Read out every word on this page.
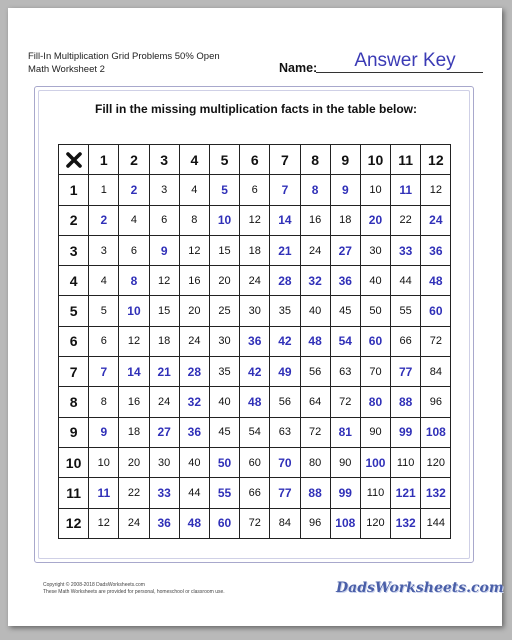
Fill-In Multiplication Grid Problems 50% Open
Math Worksheet 2	Name:	Answer Key
Fill in the missing multiplication facts in the table below:
	1	2	3	4	5	6	7	8	9	10	11	12
1	1	2	3	4	5	6	7	8	9	10	11	12
2	2	4	6	8	10	12	14	16	18	20	22	24
3	3	6	9	12	15	18	21	24	27	30	33	36
4	4	8	12	16	20	24	28	32	36	40	44	48
5	5	10	15	20	25	30	35	40	45	50	55	60
6	6	12	18	24	30	36	42	48	54	60	66	72
7	7	14	21	28	35	42	49	56	63	70	77	84
8	8	16	24	32	40	48	56	64	72	80	88	96
9	9	18	27	36	45	54	63	72	81	90	99	108
10	10	20	30	40	50	60	70	80	90	100	110	120
11	11	22	33	44	55	66	77	88	99	110	121	132
12	12	24	36	48	60	72	84	96	108	120	132	144
Copyright © 2008-2018 DadsWorksheets.com
These Math Worksheets are provided for personal, homeschool or classroom use.	DadsWorksheets.com
